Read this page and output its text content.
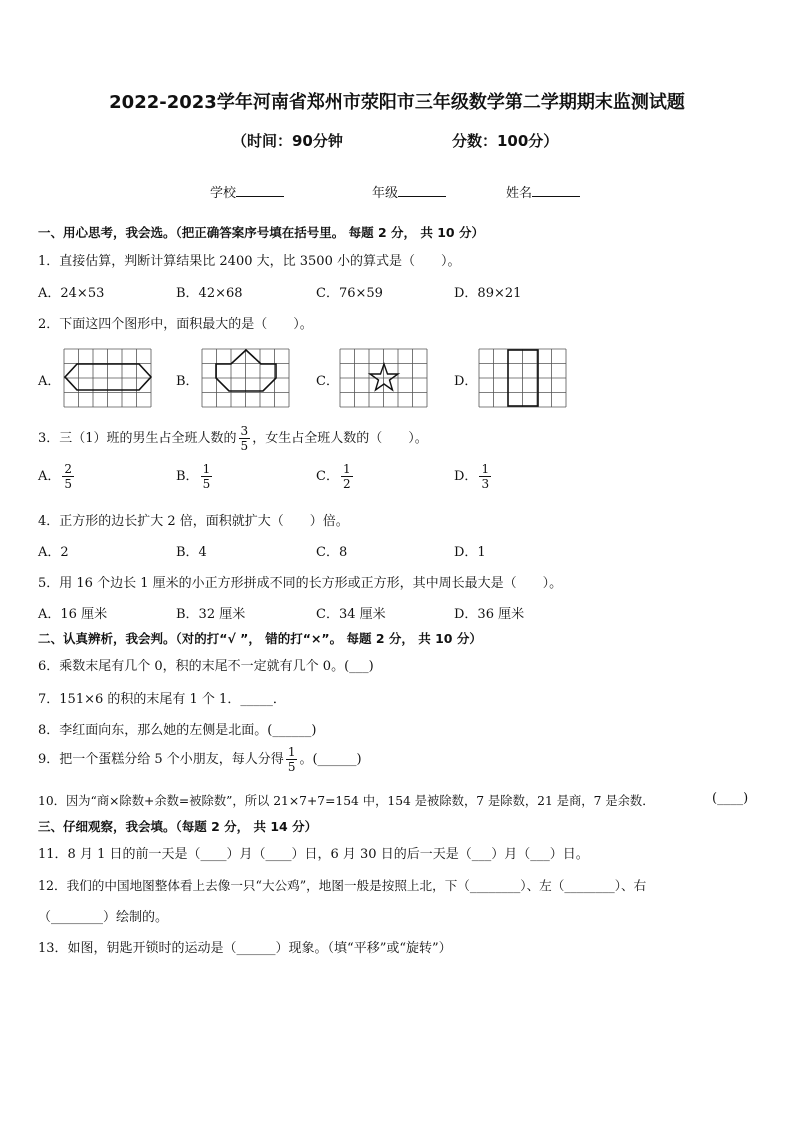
2022-2023学年河南省郑州市荥阳市三年级数学第二学期期末监测试题
（时间：90分钟	分数：100分）
学校	年级	姓名
一、用心思考，我会选。（把正确答案序号填在括号里。 每题 2 分， 共 10 分）
1．直接估算，判断计算结果比 2400 大，比 3500 小的算式是（　　）。
A．24×53	B．42×68	C．76×59	D．89×21
2．下面这四个图形中，面积最大的是（　　）。
A．	B．	C．	D．
3．三（1）班的男生占全班人数的 $\frac{3}{5}$ ，女生占全班人数的（　　）。
A． $\frac{2}{5}$	B． $\frac{1}{5}$	C． $\frac{1}{2}$	D． $\frac{1}{3}$
4．正方形的边长扩大 2 倍，面积就扩大（　　）倍。
A．2	B．4	C．8	D．1
5．用 16 个边长 1 厘米的小正方形拼成不同的长方形或正方形，其中周长最大是（　　）。
A．16 厘米	B．32 厘米	C．34 厘米	D．36 厘米
二、认真辨析，我会判。（对的打“√ ”， 错的打“×”。 每题 2 分， 共 10 分）
6．乘数末尾有几个 0，积的末尾不一定就有几个 0。(___)
7．151×6 的积的末尾有 1 个 1．_____．
8．李红面向东，那么她的左侧是北面。(______)
9．把一个蛋糕分给 5 个小朋友，每人分得 $\frac{1}{5}$ 。(______)
10．因为“商×除数+余数=被除数”，所以 21×7+7=154 中，154 是被除数，7 是除数，21 是商，7 是余数．	(____)
三、仔细观察，我会填。（每题 2 分， 共 14 分）
11．8 月 1 日的前一天是（____）月（____）日，6 月 30 日的后一天是（___）月（___）日。
12．我们的中国地图整体看上去像一只“大公鸡”，地图一般是按照上北，下（________）、左（________）、右
（________）绘制的。
13．如图，钥匙开锁时的运动是（______）现象。（填“平移”或“旋转”）
